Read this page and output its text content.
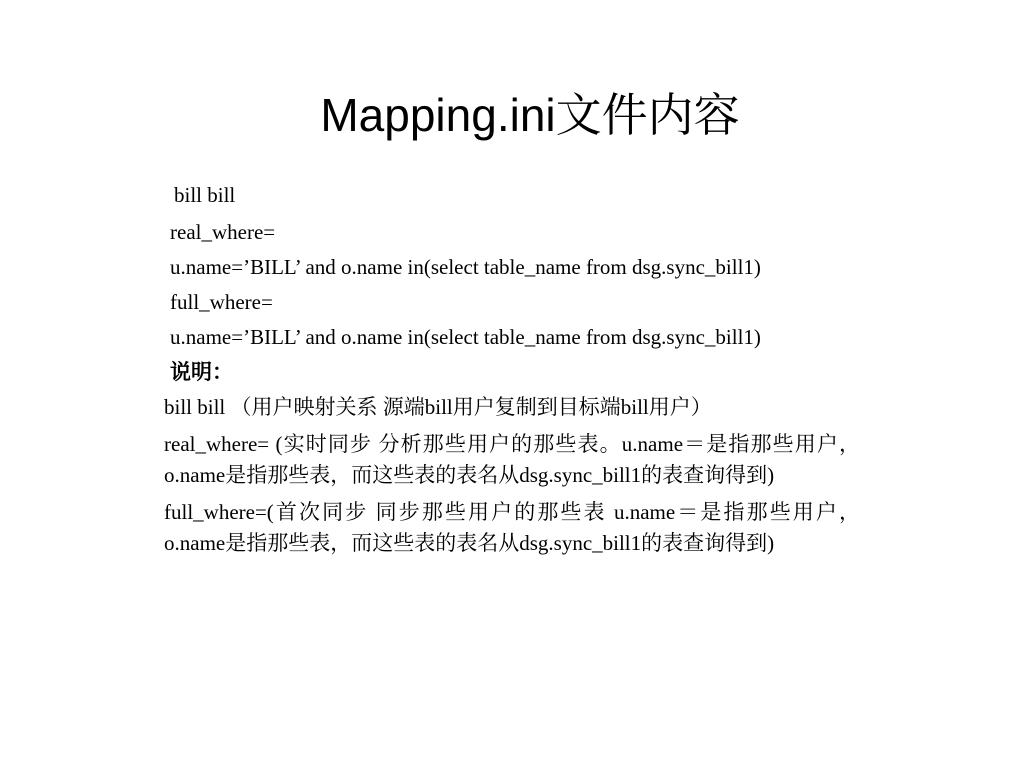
Mapping.ini文件内容

bill bill

real_where=

u.name=’BILL’ and o.name in(select table_name from dsg.sync_bill1)

full_where=

u.name=’BILL’ and o.name in(select table_name from dsg.sync_bill1)

说明：

bill bill （用户映射关系 源端bill用户复制到目标端bill用户）

real_where= (实时同步 分析那些用户的那些表。u.name＝是指那些用户，o.name是指那些表，而这些表的表名从dsg.sync_bill1的表查询得到)

full_where=(首次同步 同步那些用户的那些表 u.name＝是指那些用户，o.name是指那些表，而这些表的表名从dsg.sync_bill1的表查询得到)
